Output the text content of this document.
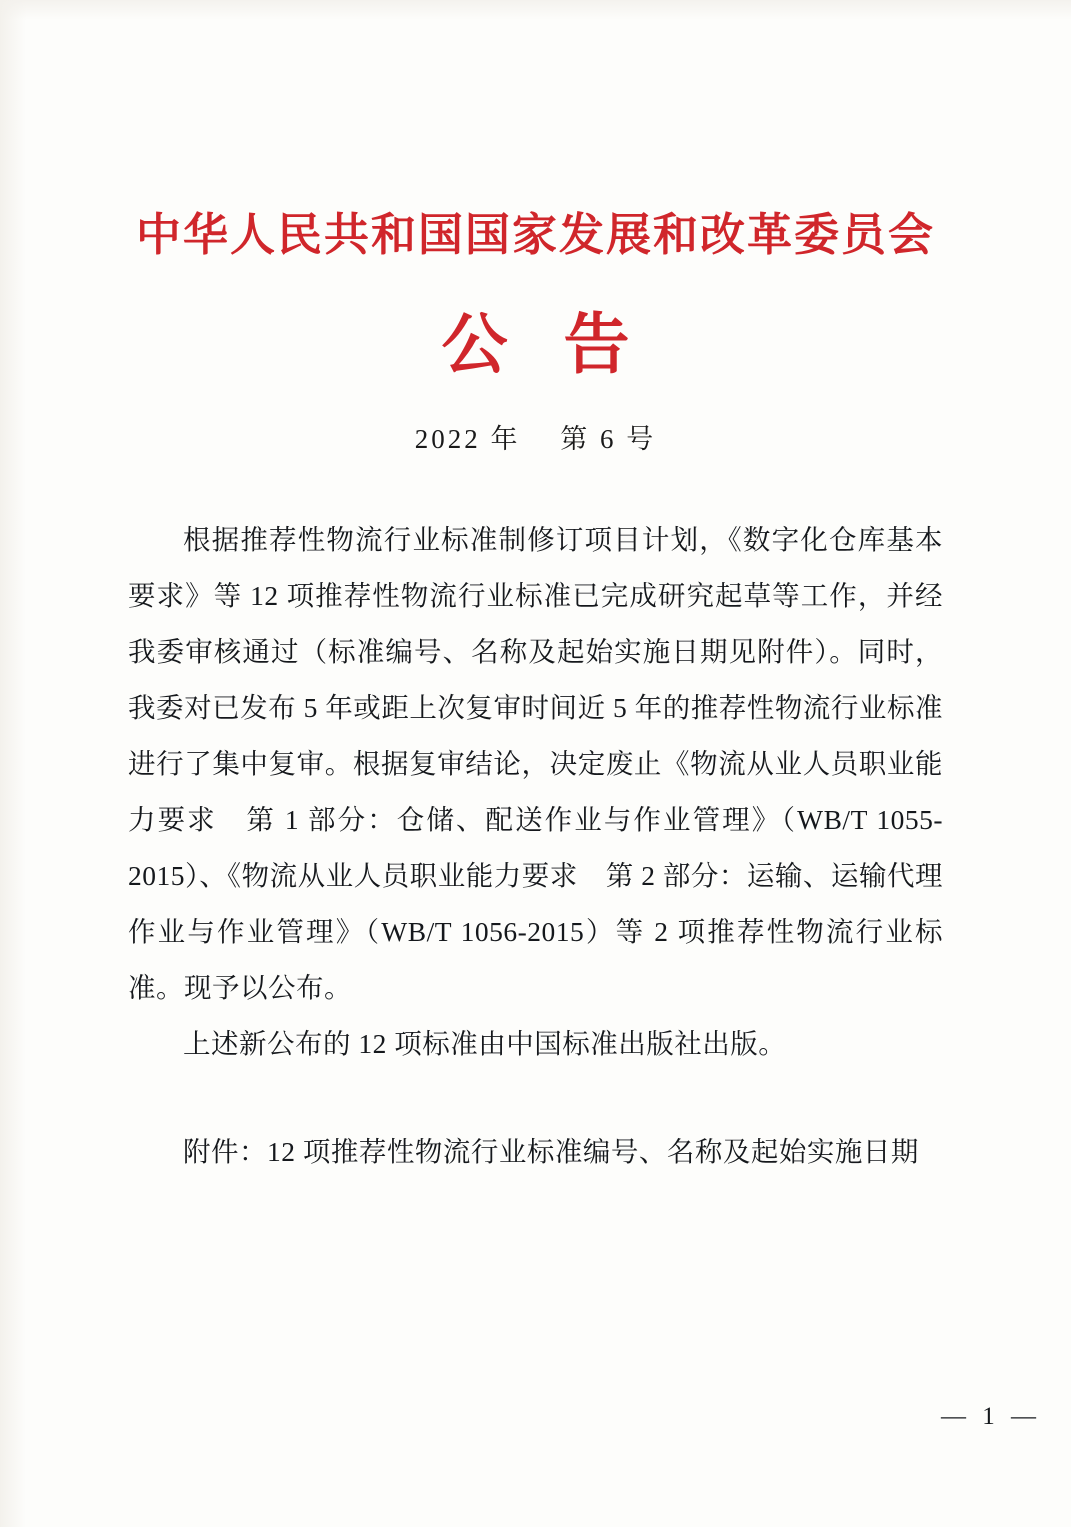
中华人民共和国国家发展和改革委员会
公告
2022 年　 第 6 号

根据推荐性物流行业标准制修订项目计划，《数字化仓库基本要求》等 12 项推荐性物流行业标准已完成研究起草等工作，并经我委审核通过（标准编号、名称及起始实施日期见附件）。同时，我委对已发布 5 年或距上次复审时间近 5 年的推荐性物流行业标准进行了集中复审。根据复审结论，决定废止《物流从业人员职业能力要求　第 1 部分：仓储、配送作业与作业管理》（WB/T 1055-2015）、《物流从业人员职业能力要求　第 2 部分：运输、运输代理作业与作业管理》（WB/T 1056-2015）等 2 项推荐性物流行业标准。现予以公布。

上述新公布的 12 项标准由中国标准出版社出版。

附件：12 项推荐性物流行业标准编号、名称及起始实施日期
— 1 —
